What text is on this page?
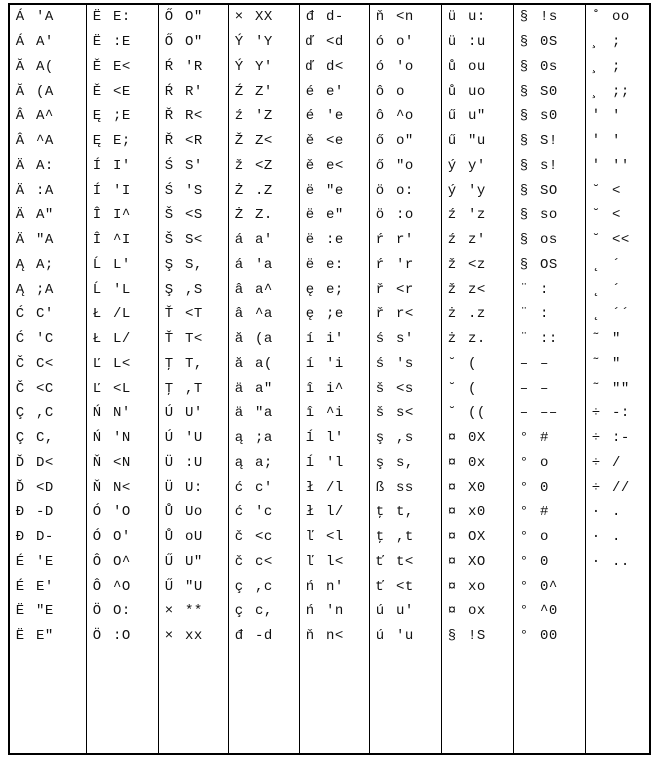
Á 'A
Á A'
Ă A(
Ă (A
Â A^
Â ^A
Ä A:
Ä :A
Ä A"
Ä "A
Ą A;
Ą ;A
Ć C'
Ć 'C
Č C<
Č <C
Ç ,C
Ç C,
Ď D<
Ď <D
Đ -D
Đ D-
É 'E
É E'
Ë "E
Ë E"
Ë E:
Ë :E
Ě E<
Ě <E
Ę ;E
Ę E;
Í I'
Í 'I
Î I^
Î ^I
Ĺ L'
Ĺ 'L
Ł /L
Ł L/
Ľ L<
Ľ <L
Ń N'
Ń 'N
Ň <N
Ň N<
Ó 'O
Ó O'
Ô O^
Ô ^O
Ö O:
Ö :O
Ő O"
Ő O"
Ŕ 'R
Ŕ R'
Ř R<
Ř <R
Ś S'
Ś 'S
Š <S
Š S<
Ş S,
Ş ,S
Ť <T
Ť T<
Ţ T,
Ţ ,T
Ú U'
Ú 'U
Ü :U
Ü U:
Ů Uo
Ů oU
Ű U"
Ű "U
× **
× xx
× XX
Ý 'Y
Ý Y'
Ź Z'
ź 'Z
Ž Z<
ž <Z
Ż .Z
Ż Z.
á a'
á 'a
â a^
â ^a
ă (a
ă a(
ä a"
ä "a
ą ;a
ą a;
ć c'
ć 'c
č <c
č c<
ç ,c
ç c,
đ -d
đ d-
ď <d
ď d<
é e'
é 'e
ě <e
ě e<
ë "e
ë e"
ë :e
ë e:
ę e;
ę ;e
í i'
í 'i
î i^
î ^i
ĺ l'
ĺ 'l
ł /l
ł l/
ľ <l
ľ l<
ń n'
ń 'n
ň n<
ň <n
ó o'
ó 'o
ô o
ô ^o
ő o"
ő "o
ö o:
ö :o
ŕ r'
ŕ 'r
ř <r
ř r<
ś s'
ś 's
š <s
š s<
ş ,s
ş s,
ß ss
ţ t,
ţ ,t
ť t<
ť <t
ú u'
ú 'u
ü u:
ü :u
ů ou
ů uo
ű u"
ű "u
ý y'
ý 'y
ź 'z
ź z'
ž <z
ž z<
ż .z
ż z.
˘ (
˘ (
˘ ((
¤ 0X
¤ 0x
¤ X0
¤ x0
¤ OX
¤ XO
¤ xo
¤ ox
§ !S
§ !s
§ 0S
§ 0s
§ S0
§ s0
§ S!
§ s!
§ SO
§ so
§ os
§ OS
¨ :
¨ :
¨ ::
– –
– –
– ––
° #
° o
° 0
° #
° o
° 0
° 0^
° ^0
° 00
˚ oo
¸ ;
¸ ;
¸ ;;
ʹ '
ʹ '
ʹ ''
˘ <
˘ <
˘ <<
˛ ´
˛ ´
˛ ´´
˜ "
˜ "
˜ ""
÷ -:
÷ :-
÷ /
÷ //
· .
· .
· ..
